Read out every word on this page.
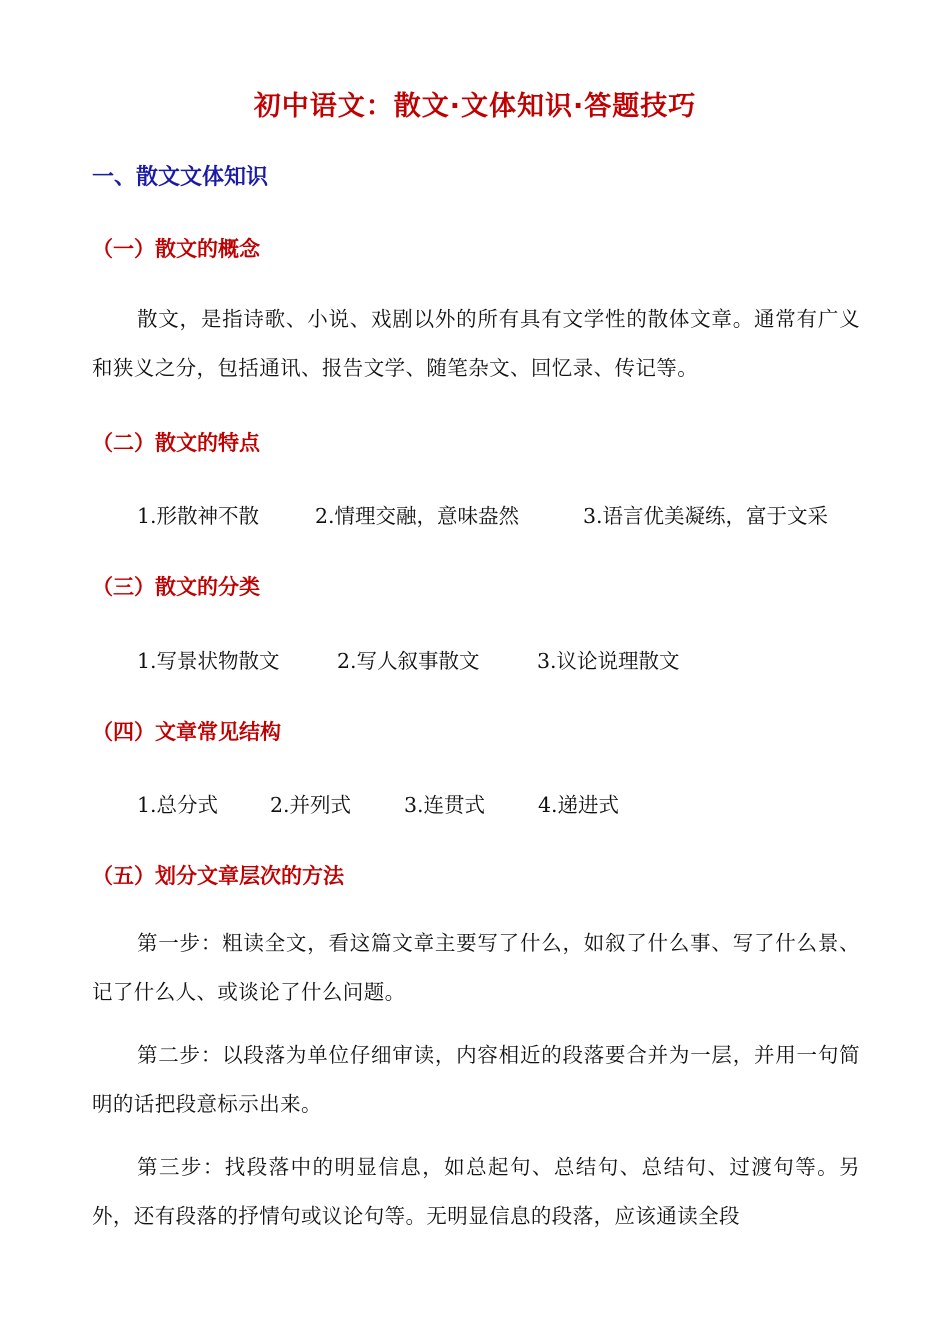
初中语文：散文·文体知识·答题技巧
一、散文文体知识
（一）散文的概念
散文，是指诗歌、小说、戏剧以外的所有具有文学性的散体文章。通常有广义和狭义之分，包括通讯、报告文学、随笔杂文、回忆录、传记等。
（二）散文的特点
1.形散神不散	2.情理交融，意味盎然	3.语言优美凝练，富于文采
（三）散文的分类
1.写景状物散文	2.写人叙事散文	3.议论说理散文
（四）文章常见结构
1.总分式	2.并列式	3.连贯式	4.递进式
（五）划分文章层次的方法
第一步：粗读全文，看这篇文章主要写了什么，如叙了什么事、写了什么景、记了什么人、或谈论了什么问题。
第二步：以段落为单位仔细审读，内容相近的段落要合并为一层，并用一句简明的话把段意标示出来。
第三步：找段落中的明显信息，如总起句、总结句、总结句、过渡句等。另外，还有段落的抒情句或议论句等。无明显信息的段落，应该通读全段
